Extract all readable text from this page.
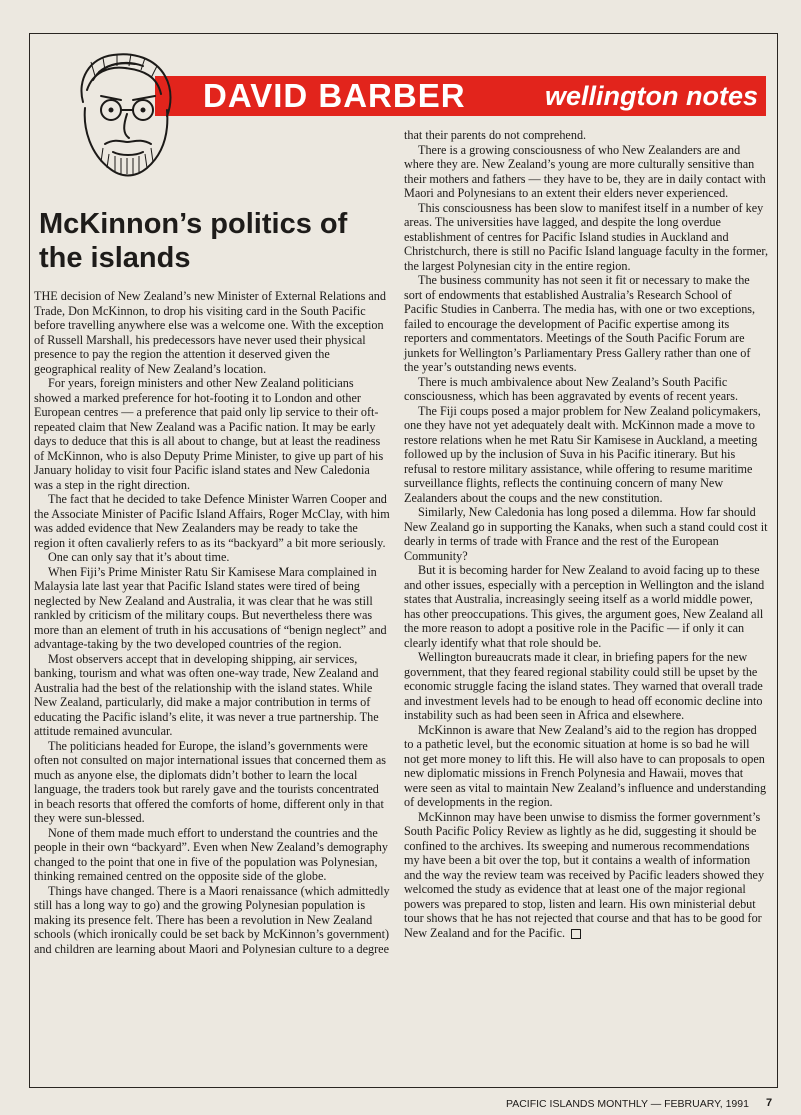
DAVID BARBER	wellington notes
McKinnon’s politics of the islands

THE decision of New Zealand’s new Minister of External Relations and Trade, Don McKinnon, to drop his visiting card in the South Pacific before travelling anywhere else was a welcome one. With the exception of Russell Marshall, his predecessors have never used their physical presence to pay the region the attention it deserved given the geographical reality of New Zealand’s location.

For years, foreign ministers and other New Zealand politicians showed a marked preference for hot-footing it to London and other European centres — a preference that paid only lip service to their oft-repeated claim that New Zealand was a Pacific nation. It may be early days to deduce that this is all about to change, but at least the readiness of McKinnon, who is also Deputy Prime Minister, to give up part of his January holiday to visit four Pacific island states and New Caledonia was a step in the right direction.

The fact that he decided to take Defence Minister Warren Cooper and the Associate Minister of Pacific Island Affairs, Roger McClay, with him was added evidence that New Zealanders may be ready to take the region it often cavalierly refers to as its “backyard” a bit more seriously.

One can only say that it’s about time.

When Fiji’s Prime Minister Ratu Sir Kamisese Mara complained in Malaysia late last year that Pacific Island states were tired of being neglected by New Zealand and Australia, it was clear that he was still rankled by criticism of the military coups. But nevertheless there was more than an element of truth in his accusations of “benign neglect” and advantage-taking by the two developed countries of the region.

Most observers accept that in developing shipping, air services, banking, tourism and what was often one-way trade, New Zealand and Australia had the best of the relationship with the island states. While New Zealand, particularly, did make a major contribution in terms of educating the Pacific island’s elite, it was never a true partnership. The attitude remained avuncular.

The politicians headed for Europe, the island’s governments were often not consulted on major international issues that concerned them as much as anyone else, the diplomats didn’t bother to learn the local language, the traders took but rarely gave and the tourists concentrated in beach resorts that offered the comforts of home, different only in that they were sun-blessed.

None of them made much effort to understand the countries and the people in their own “backyard”. Even when New Zealand’s demography changed to the point that one in five of the population was Polynesian, thinking remained centred on the opposite side of the globe.

Things have changed. There is a Maori renaissance (which admittedly still has a long way to go) and the growing Polynesian population is making its presence felt. There has been a revolution in New Zealand schools (which ironically could be set back by McKinnon’s government) and children are learning about Maori and Polynesian culture to a degree

that their parents do not comprehend.

There is a growing consciousness of who New Zealanders are and where they are. New Zealand’s young are more culturally sensitive than their mothers and fathers — they have to be, they are in daily contact with Maori and Polynesians to an extent their elders never experienced.

This consciousness has been slow to manifest itself in a number of key areas. The universities have lagged, and despite the long overdue establishment of centres for Pacific Island studies in Auckland and Christchurch, there is still no Pacific Island language faculty in the former, the largest Polynesian city in the entire region.

The business community has not seen it fit or necessary to make the sort of endowments that established Australia’s Research School of Pacific Studies in Canberra. The media has, with one or two exceptions, failed to encourage the development of Pacific expertise among its reporters and commentators. Meetings of the South Pacific Forum are junkets for Wellington’s Parliamentary Press Gallery rather than one of the year’s outstanding news events.

There is much ambivalence about New Zealand’s South Pacific consciousness, which has been aggravated by events of recent years.

The Fiji coups posed a major problem for New Zealand policymakers, one they have not yet adequately dealt with. McKinnon made a move to restore relations when he met Ratu Sir Kamisese in Auckland, a meeting followed up by the inclusion of Suva in his Pacific itinerary. But his refusal to restore military assistance, while offering to resume maritime surveillance flights, reflects the continuing concern of many New Zealanders about the coups and the new constitution.

Similarly, New Caledonia has long posed a dilemma. How far should New Zealand go in supporting the Kanaks, when such a stand could cost it dearly in terms of trade with France and the rest of the European Community?

But it is becoming harder for New Zealand to avoid facing up to these and other issues, especially with a perception in Wellington and the island states that Australia, increasingly seeing itself as a world middle power, has other preoccupations. This gives, the argument goes, New Zealand all the more reason to adopt a positive role in the Pacific — if only it can clearly identify what that role should be.

Wellington bureaucrats made it clear, in briefing papers for the new government, that they feared regional stability could still be upset by the economic struggle facing the island states. They warned that overall trade and investment levels had to be enough to head off economic decline into instability such as had been seen in Africa and elsewhere.

McKinnon is aware that New Zealand’s aid to the region has dropped to a pathetic level, but the economic situation at home is so bad he will not get more money to lift this. He will also have to can proposals to open new diplomatic missions in French Polynesia and Hawaii, moves that were seen as vital to maintain New Zealand’s influence and understanding of developments in the region.

McKinnon may have been unwise to dismiss the former government’s South Pacific Policy Review as lightly as he did, suggesting it should be confined to the archives. Its sweeping and numerous recommendations my have been a bit over the top, but it contains a wealth of information and the way the review team was received by Pacific leaders showed they welcomed the study as evidence that at least one of the major regional powers was prepared to stop, listen and learn. His own ministerial debut tour shows that he has not rejected that course and that has to be good for New Zealand and for the Pacific.

PACIFIC ISLANDS MONTHLY — FEBRUARY, 1991 7
